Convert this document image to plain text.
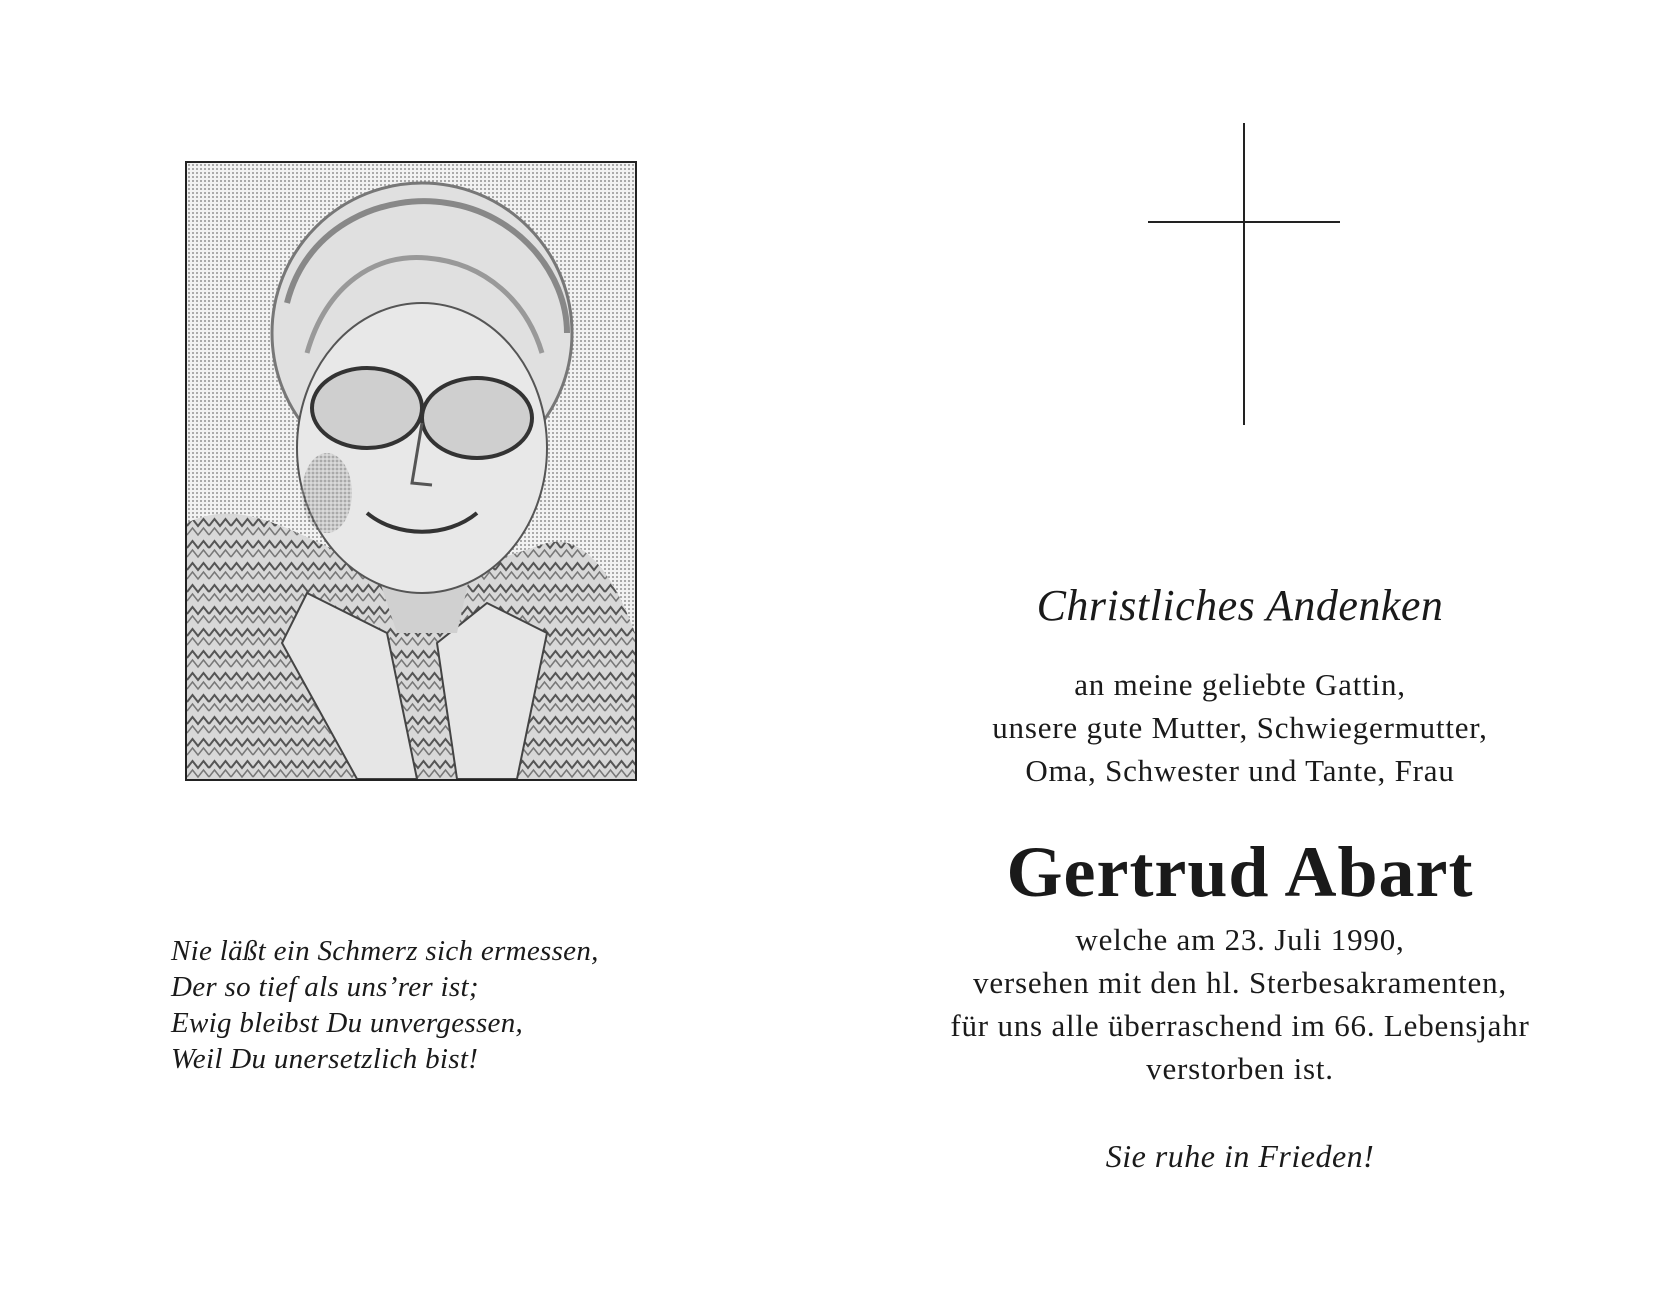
Christliches Andenken
an meine geliebte Gattin,
unsere gute Mutter, Schwiegermutter,
Oma, Schwester und Tante, Frau
Gertrud Abart
welche am 23. Juli 1990,
versehen mit den hl. Sterbesakramenten,
für uns alle überraschend im 66. Lebensjahr
verstorben ist.
Sie ruhe in Frieden!
Nie läßt ein Schmerz sich ermessen,
Der so tief als uns’rer ist;
Ewig bleibst Du unvergessen,
Weil Du unersetzlich bist!
